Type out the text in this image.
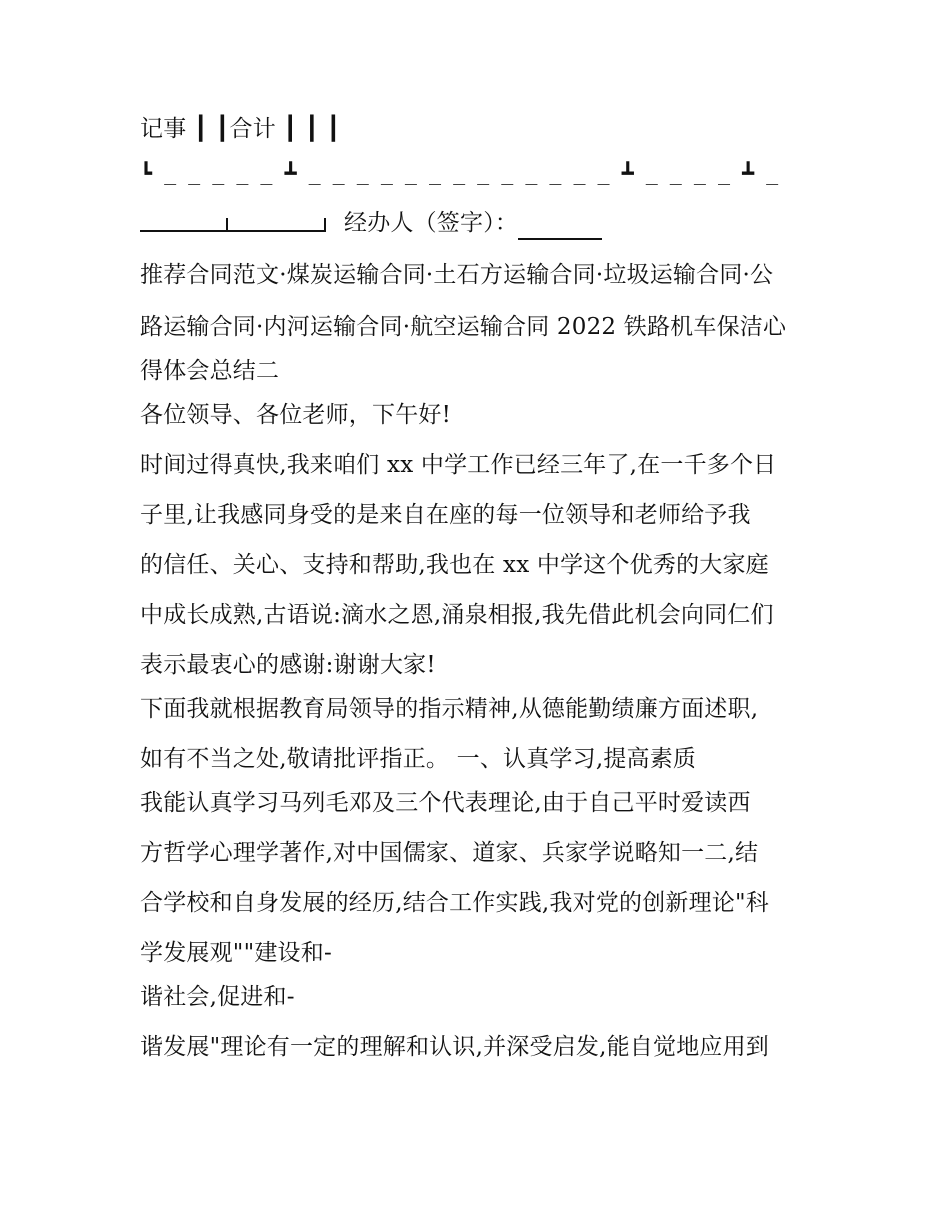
记事 ┃ ┃合计 ┃ ┃ ┃
┗ _ _ _ _ _ ┻ _ _ _ _ _ _ _ _ _ _ _ _ _ ┻ _ _ _ _ ┻ _
经办人（签字）：
推荐合同范文·煤炭运输合同·土石方运输合同·垃圾运输合同·公
路运输合同·内河运输合同·航空运输合同 2022 铁路机车保洁心
得体会总结二
各位领导、各位老师，下午好!
时间过得真快,我来咱们 xx 中学工作已经三年了,在一千多个日
子里,让我感同身受的是来自在座的每一位领导和老师给予我
的信任、关心、支持和帮助,我也在 xx 中学这个优秀的大家庭
中成长成熟,古语说:滴水之恩,涌泉相报,我先借此机会向同仁们
表示最衷心的感谢:谢谢大家!
下面我就根据教育局领导的指示精神,从德能勤绩廉方面述职,
如有不当之处,敬请批评指正。 一、认真学习,提高素质
我能认真学习马列毛邓及三个代表理论,由于自己平时爱读西
方哲学心理学著作,对中国儒家、道家、兵家学说略知一二,结
合学校和自身发展的经历,结合工作实践,我对党的创新理论"科
学发展观""建设和-
谐社会,促进和-
谐发展"理论有一定的理解和认识,并深受启发,能自觉地应用到
